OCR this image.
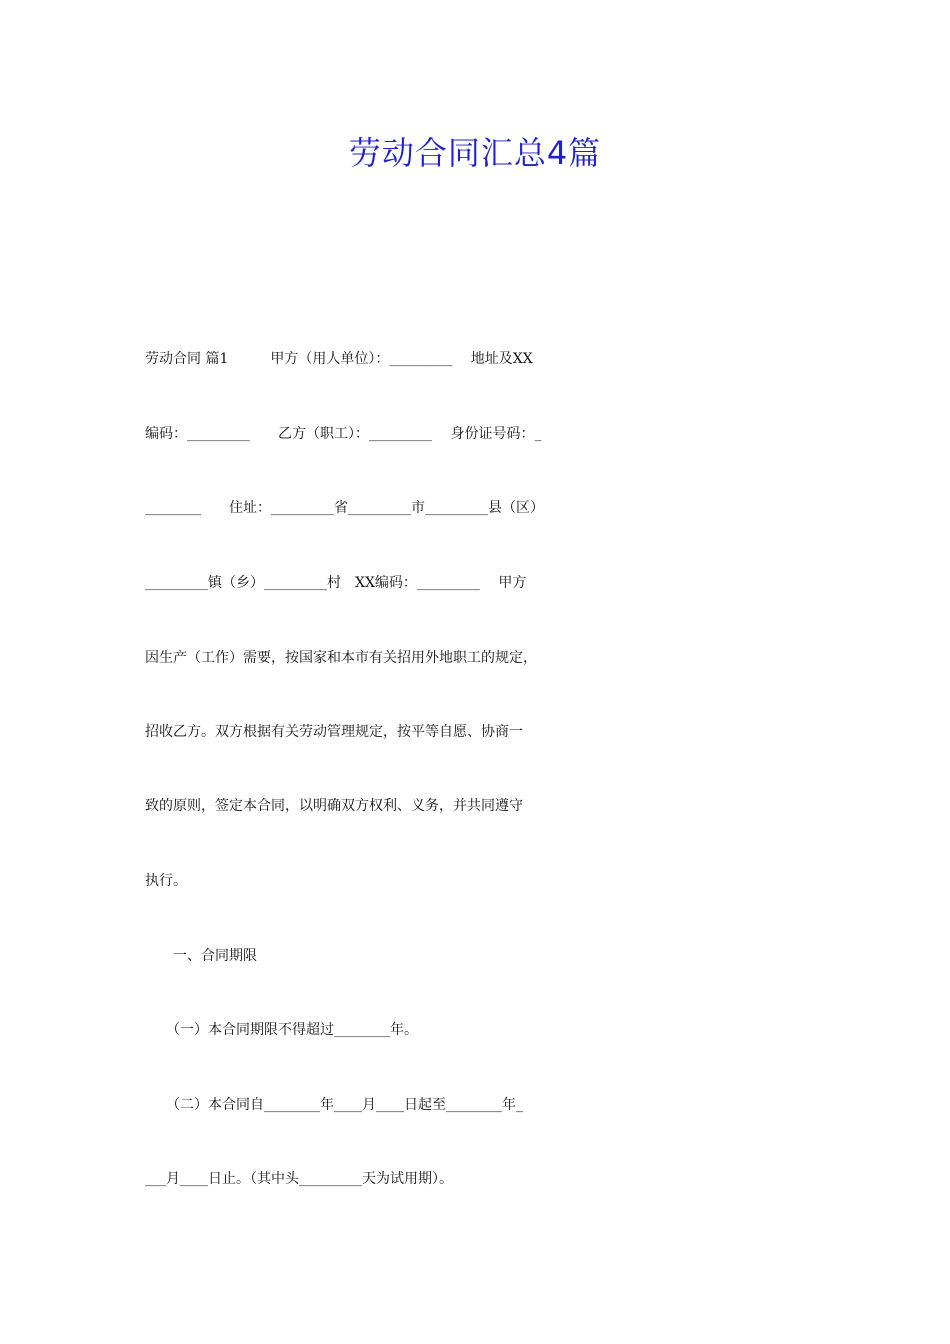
劳动合同汇总4篇

劳动合同 篇1　　　甲方（用人单位）：_________　 地址及XX

编码：_________　　乙方（职工）：_________　 身份证号码：_

________　　住址：_________省_________市_________县（区）

_________镇（乡）_________村　XX编码：_________　 甲方

因生产（工作）需要，按国家和本市有关招用外地职工的规定，

招收乙方。双方根据有关劳动管理规定，按平等自愿、协商一

致的原则，签定本合同，以明确双方权利、义务，并共同遵守

执行。

　　一、合同期限

　　（一）本合同期限不得超过________年。

　　（二）本合同自________年____月____日起至________年_

___月____日止。（其中头_________天为试用期）。
